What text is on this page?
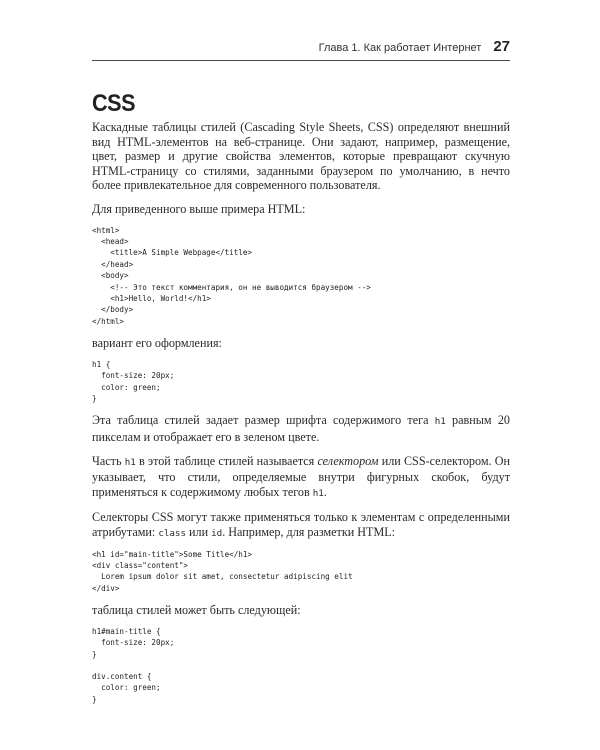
Глава 1. Как работает Интернет 27
CSS

Каскадные таблицы стилей (Cascading Style Sheets, CSS) определяют внешний вид HTML-элементов на веб-странице. Они задают, например, размещение, цвет, размер и другие свойства элементов, которые превращают скучную HTML-страницу со стилями, заданными браузером по умолчанию, в нечто более привлекательное для современного пользователя.

Для приведенного выше примера HTML:

<html>
<head>
<title>A Simple Webpage</title>
</head>
<body>
<!-- Это текст комментария, он не выводится браузером -->
<h1>Hello, World!</h1>
</body>
</html>

вариант его оформления:

h1 {
font-size: 20px;
color: green;
}

Эта таблица стилей задает размер шрифта содержимого тега h1 равным 20 пикселам и отображает его в зеленом цвете.

Часть h1 в этой таблице стилей называется селектором или CSS-селектором. Он указывает, что стили, определяемые внутри фигурных скобок, будут применяться к содержимому любых тегов h1.

Селекторы CSS могут также применяться только к элементам с определенными атрибутами: class или id. Например, для разметки HTML:

<h1 id="main-title">Some Title</h1>
<div class="content">
Lorem ipsum dolor sit amet, consectetur adipiscing elit
</div>

таблица стилей может быть следующей:

h1#main-title {
font-size: 20px;
}
div.content {
color: green;
}
